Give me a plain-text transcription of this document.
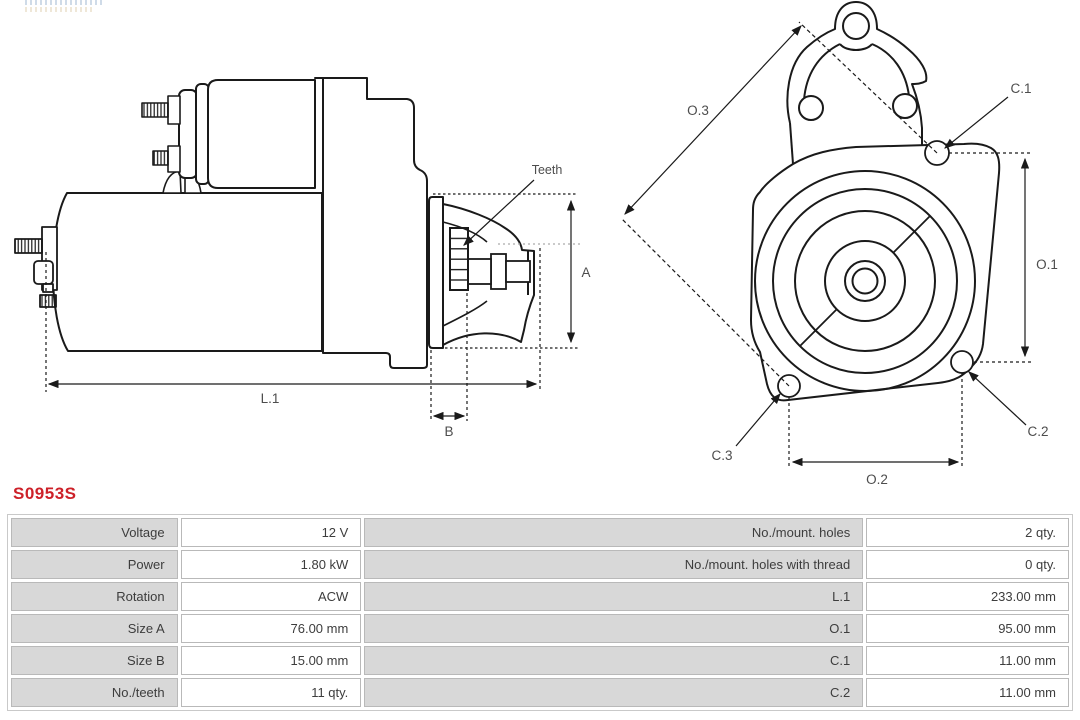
A
L.1
B
Teeth
O.3
O.1
O.2
C.1
C.2
C.3
S0953S
Voltage	12 V	No./mount. holes	2 qty.
Power	1.80 kW	No./mount. holes with thread	0 qty.
Rotation	ACW	L.1	233.00 mm
Size A	76.00 mm	O.1	95.00 mm
Size B	15.00 mm	C.1	11.00 mm
No./teeth	11 qty.	C.2	11.00 mm
